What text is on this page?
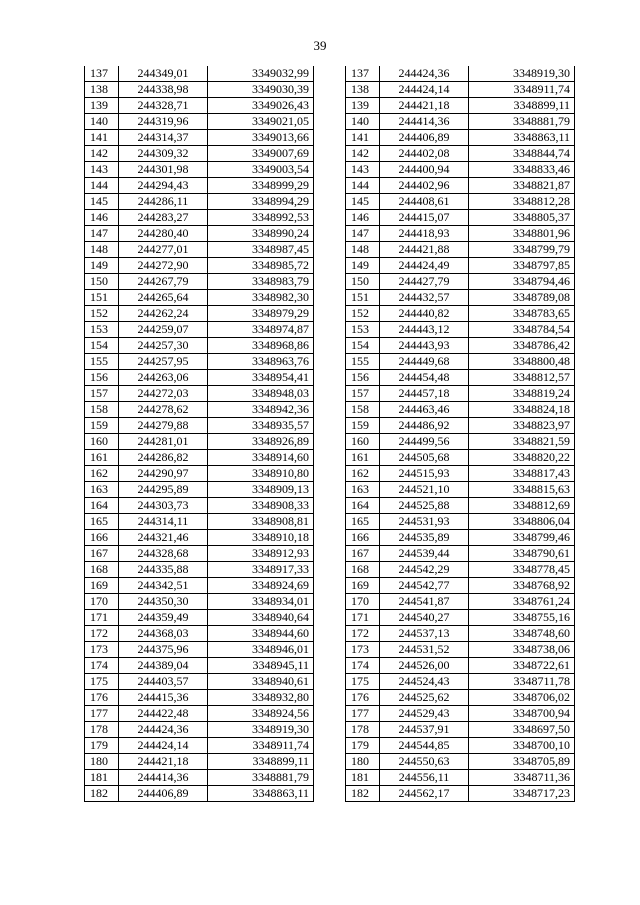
39
137	244349,01	3349032,99
138	244338,98	3349030,39
139	244328,71	3349026,43
140	244319,96	3349021,05
141	244314,37	3349013,66
142	244309,32	3349007,69
143	244301,98	3349003,54
144	244294,43	3348999,29
145	244286,11	3348994,29
146	244283,27	3348992,53
147	244280,40	3348990,24
148	244277,01	3348987,45
149	244272,90	3348985,72
150	244267,79	3348983,79
151	244265,64	3348982,30
152	244262,24	3348979,29
153	244259,07	3348974,87
154	244257,30	3348968,86
155	244257,95	3348963,76
156	244263,06	3348954,41
157	244272,03	3348948,03
158	244278,62	3348942,36
159	244279,88	3348935,57
160	244281,01	3348926,89
161	244286,82	3348914,60
162	244290,97	3348910,80
163	244295,89	3348909,13
164	244303,73	3348908,33
165	244314,11	3348908,81
166	244321,46	3348910,18
167	244328,68	3348912,93
168	244335,88	3348917,33
169	244342,51	3348924,69
170	244350,30	3348934,01
171	244359,49	3348940,64
172	244368,03	3348944,60
173	244375,96	3348946,01
174	244389,04	3348945,11
175	244403,57	3348940,61
176	244415,36	3348932,80
177	244422,48	3348924,56
178	244424,36	3348919,30
179	244424,14	3348911,74
180	244421,18	3348899,11
181	244414,36	3348881,79
182	244406,89	3348863,11
137	244424,36	3348919,30
138	244424,14	3348911,74
139	244421,18	3348899,11
140	244414,36	3348881,79
141	244406,89	3348863,11
142	244402,08	3348844,74
143	244400,94	3348833,46
144	244402,96	3348821,87
145	244408,61	3348812,28
146	244415,07	3348805,37
147	244418,93	3348801,96
148	244421,88	3348799,79
149	244424,49	3348797,85
150	244427,79	3348794,46
151	244432,57	3348789,08
152	244440,82	3348783,65
153	244443,12	3348784,54
154	244443,93	3348786,42
155	244449,68	3348800,48
156	244454,48	3348812,57
157	244457,18	3348819,24
158	244463,46	3348824,18
159	244486,92	3348823,97
160	244499,56	3348821,59
161	244505,68	3348820,22
162	244515,93	3348817,43
163	244521,10	3348815,63
164	244525,88	3348812,69
165	244531,93	3348806,04
166	244535,89	3348799,46
167	244539,44	3348790,61
168	244542,29	3348778,45
169	244542,77	3348768,92
170	244541,87	3348761,24
171	244540,27	3348755,16
172	244537,13	3348748,60
173	244531,52	3348738,06
174	244526,00	3348722,61
175	244524,43	3348711,78
176	244525,62	3348706,02
177	244529,43	3348700,94
178	244537,91	3348697,50
179	244544,85	3348700,10
180	244550,63	3348705,89
181	244556,11	3348711,36
182	244562,17	3348717,23
